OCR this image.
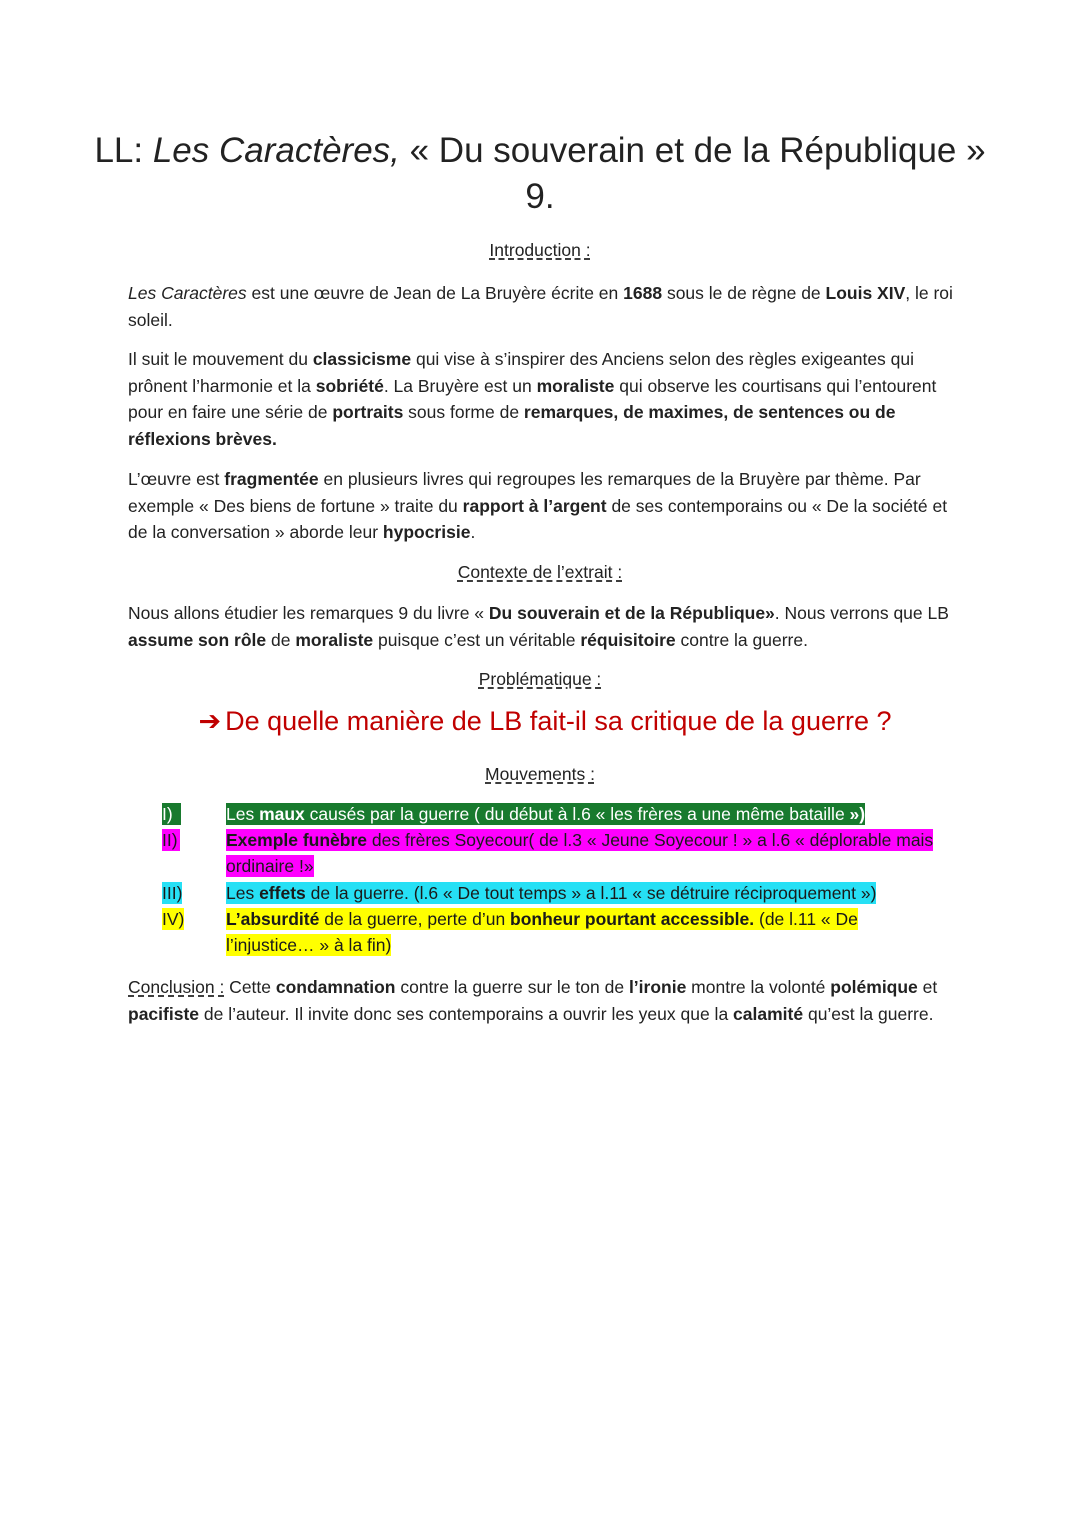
LL: Les Caractères, « Du souverain et de la République »
9.
Introduction :
Les Caractères est une œuvre de Jean de La Bruyère écrite en 1688 sous le de règne de Louis XIV, le roi soleil.
Il suit le mouvement du classicisme qui vise à s’inspirer des Anciens selon des règles exigeantes qui prônent l’harmonie et la sobriété. La Bruyère est un moraliste qui observe les courtisans qui l’entourent pour en faire une série de portraits sous forme de remarques, de maximes, de sentences ou de réflexions brèves.
L’œuvre est fragmentée en plusieurs livres qui regroupes les remarques de la Bruyère par thème. Par exemple « Des biens de fortune » traite du rapport à l’argent de ses contemporains ou « De la société et de la conversation » aborde leur hypocrisie.
Contexte de l’extrait :
Nous allons étudier les remarques 9 du livre « Du souverain et de la République». Nous verrons que LB assume son rôle de moraliste puisque c’est un véritable réquisitoire contre la guerre.
Problématique :
➔ De quelle manière de LB fait-il sa critique de la guerre ?
Mouvements :
I)	Les maux causés par la guerre ( du début à l.6 « les frères a une même bataille »)
II)	Exemple funèbre des frères Soyecour( de l.3 « Jeune Soyecour ! » a l.6 « déplorable mais ordinaire !»
III)	Les effets de la guerre. (l.6 « De tout temps » a l.11 « se détruire réciproquement »)
IV)	L’absurdité de la guerre, perte d’un bonheur pourtant accessible. (de l.11 « De l’injustice… » à la fin)
Conclusion : Cette condamnation contre la guerre sur le ton de l’ironie montre la volonté polémique et pacifiste de l’auteur. Il invite donc ses contemporains a ouvrir les yeux que la calamité qu’est la guerre.
